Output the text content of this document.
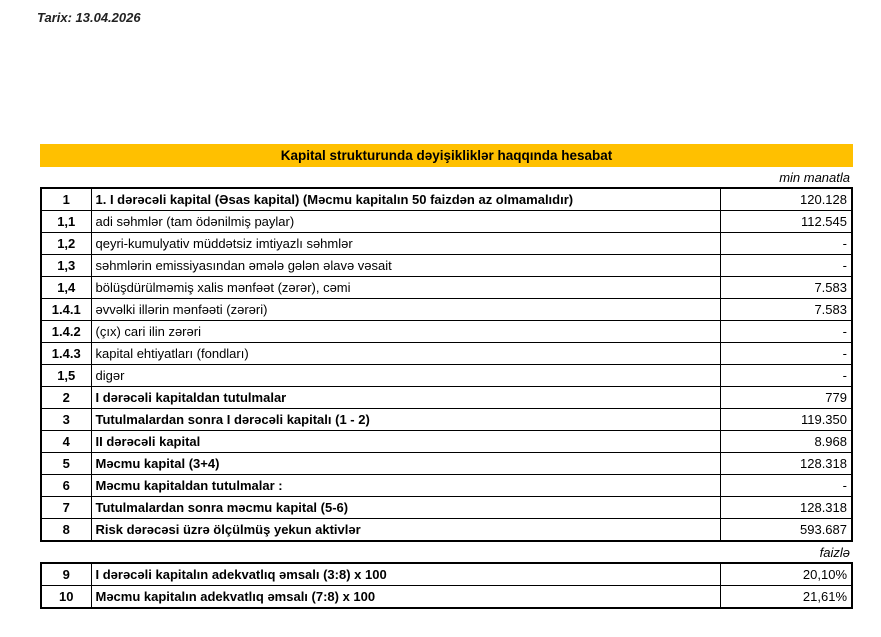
Tarix: 13.04.2026
Kapital strukturunda dəyişikliklər haqqında hesabat
min manatla
1	1. I dərəcəli kapital (Əsas kapital) (Məcmu kapitalın 50 faizdən az olmamalıdır)	120.128
1,1	adi səhmlər (tam ödənilmiş paylar)	112.545
1,2	qeyri-kumulyativ müddətsiz imtiyazlı səhmlər	-
1,3	səhmlərin emissiyasından əmələ gələn əlavə vəsait	-
1,4	bölüşdürülməmiş xalis mənfəət (zərər), cəmi	7.583
1.4.1	əvvəlki illərin mənfəəti (zərəri)	7.583
1.4.2	(çıx) cari ilin zərəri	-
1.4.3	kapital ehtiyatları (fondları)	-
1,5	digər	-
2	I dərəcəli kapitaldan tutulmalar	779
3	Tutulmalardan sonra I dərəcəli kapitalı (1 - 2)	119.350
4	II dərəcəli kapital	8.968
5	Məcmu kapital (3+4)	128.318
6	Məcmu kapitaldan tutulmalar :	-
7	Tutulmalardan sonra məcmu kapital (5-6)	128.318
8	Risk dərəcəsi üzrə ölçülmüş yekun aktivlər	593.687
faizlə
9	I dərəcəli kapitalın adekvatlıq əmsalı (3:8) x 100	20,10%
10	Məcmu kapitalın adekvatlıq əmsalı (7:8) x 100	21,61%
